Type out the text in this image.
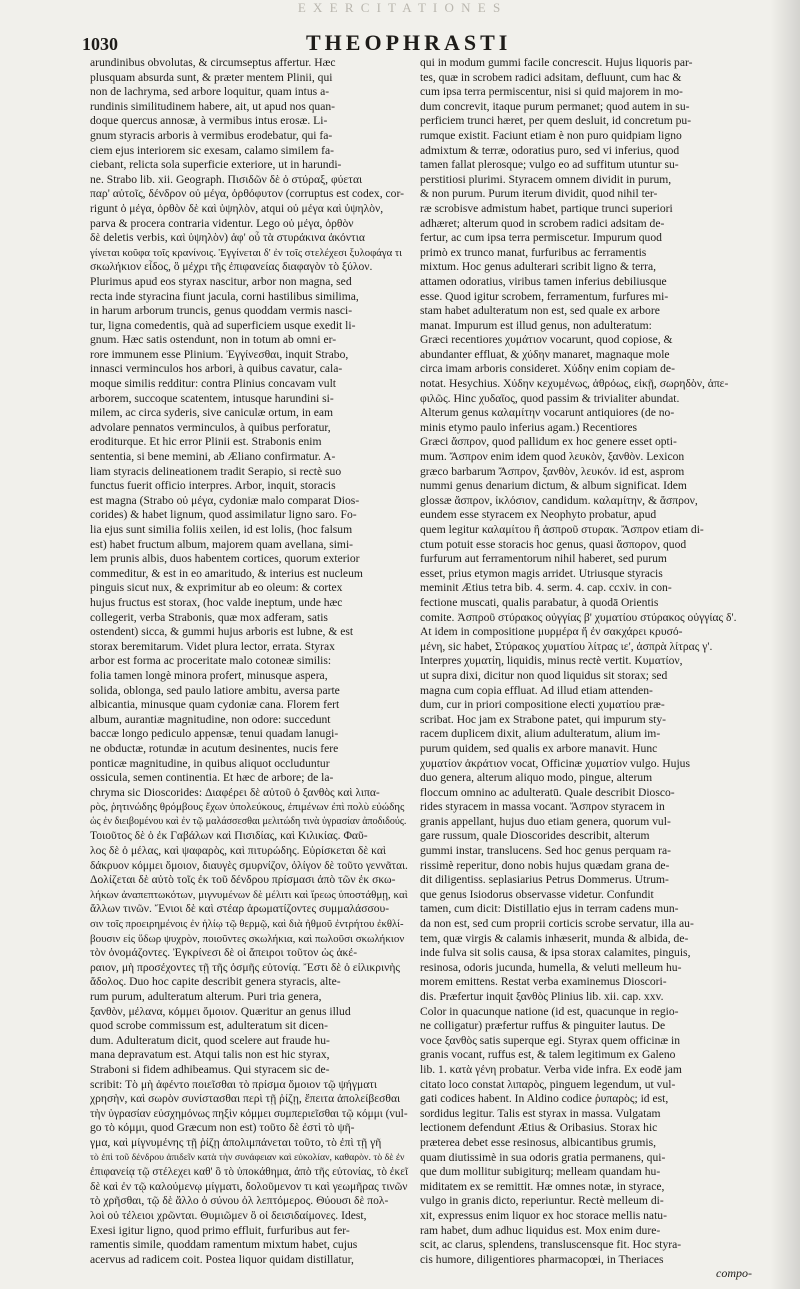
E X E R C I T A T I O N E S
1030	THEOPHRASTI
arundinibus obvolutas, & circumseptus affertur. Hæc
plusquam absurda sunt, & præter mentem Plinii, qui
non de lachryma, sed arbore loquitur, quam intus a-
rundinis similitudinem habere, ait, ut apud nos quan-
doque quercus annosæ, à vermibus intus erosæ. Li-
gnum styracis arboris à vermibus erodebatur, qui fa-
ciem ejus interiorem sic exesam, calamo similem fa-
ciebant, relicta sola superficie exteriore, ut in harundi-
ne. Strabo lib. xii. Geograph. Πισιδῶν δὲ ὁ στύραξ, φύεται
παρ' αὐτοῖς, δένδρον οὐ μέγα, ὀρθόφυτον (corruptus est codex, cor-
rigunt ὁ μέγα, ὀρθὸν δὲ καὶ ὑψηλὸν, atqui οὐ μέγα καὶ ὑψηλὸν,
parva & procera contraria videntur. Lego οὐ μέγα, ὀρθὸν
δὲ deletis verbis, καὶ ὑψηλὸν) ἀφ' οὗ τὰ στυράκινα ἀκόντια
γίνεται κοῦφα τοῖς κρανίνοις. Ἐγγίνεται δ' ἐν τοῖς στελέχεσι ξυλοφάγα τι
σκωλήκιον εἶδος, ὃ μέχρι τῆς ἐπιφανείας διαφαγὸν τὸ ξύλον.
Plurimus apud eos styrax nascitur, arbor non magna, sed
recta inde styracina fiunt jacula, corni hastilibus similima,
in harum arborum truncis, genus quoddam vermis nasci-
tur, ligna comedentis, quà ad superficiem usque exedit li-
gnum. Hæc satis ostendunt, non in totum ab omni er-
rore immunem esse Plinium. Ἐγγίνεσθαι, inquit Strabo,
innasci verminculos hos arbori, à quibus cavatur, cala-
moque similis redditur: contra Plinius concavam vult
arborem, succoque scatentem, intusque harundini si-
milem, ac circa syderis, sive caniculæ ortum, in eam
advolare pennatos verminculos, à quibus perforatur,
eroditurque. Et hic error Plinii est. Strabonis enim
sententia, si bene memini, ab Æliano confirmatur. A-
liam styracis delineationem tradit Serapio, si rectè suo
functus fuerit officio interpres. Arbor, inquit, storacis
est magna (Strabo οὐ μέγα, cydoniæ malo comparat Dios-
corides) & habet lignum, quod assimilatur ligno saro. Fo-
lia ejus sunt similia foliis xeilen, id est lolis, (hoc falsum
est) habet fructum album, majorem quam avellana, simi-
lem prunis albis, duos habentem cortices, quorum exterior
commeditur, & est in eo amaritudo, & interius est nucleum
pinguis sicut nux, & exprimitur ab eo oleum: & cortex
hujus fructus est storax, (hoc valde ineptum, unde hæc
collegerit, verba Strabonis, quæ mox adferam, satis
ostendent) sicca, & gummi hujus arboris est lubne, & est
storax beremitarum. Videt plura lector, errata. Styrax
arbor est forma ac proceritate malo cotoneæ similis:
folia tamen longè minora profert, minusque aspera,
solida, oblonga, sed paulo latiore ambitu, aversa parte
albicantia, minusque quam cydoniæ cana. Florem fert
album, aurantiæ magnitudine, non odore: succedunt
baccæ longo pediculo appensæ, tenui quadam lanugi-
ne obductæ, rotundæ in acutum desinentes, nucis fere
ponticæ magnitudine, in quibus aliquot occluduntur
ossicula, semen continentia. Et hæc de arbore; de la-
chryma sic Dioscorides: Διαφέρει δὲ αὐτοῦ ὁ ξανθὸς καὶ λιπα-
ρὸς, ῥητινώδης θρόμβους ἔχων ὑπολεύκους, ἐπιμένων ἐπὶ πολὺ εὐώδης
ὡς ἐν διειβομένου καὶ ἐν τῷ μαλάσσεσθαι μελιτώδη τινὰ ὑγρασίαν ἀποδιδούς.
Τοιοῦτος δὲ ὁ ἐκ Γαβάλων καὶ Πισιδίας, καὶ Κιλικίας. Φαῦ-
λος δὲ ὁ μέλας, καὶ ψαφαρὸς, καὶ πιτυρώδης. Εὑρίσκεται δὲ καὶ
δάκρυον κόμμει ὅμοιον, διαυγὲς σμυρνίζον, ὀλίγον δὲ τοῦτο γεννᾶται.
Δολίζεται δὲ αὐτὸ τοῖς ἐκ τοῦ δένδρου πρίσμασι ἀπὸ τῶν ἐκ σκω-
λήκων ἀναπεπτωκότων, μιγνυμένων δὲ μέλιτι καὶ ἴρεως ὑποστάθμῃ, καὶ
ἄλλων τινῶν. Ἔνιοι δὲ καὶ στέαρ ἀρωματίζοντες συμμαλάσσου-
σιν τοῖς προειρημένοις ἐν ἡλίῳ τῷ θερμῷ, καὶ διὰ ἠθμοῦ ἐντρήτου ἐκθλί-
βουσιν εἰς ὕδωρ ψυχρὸν, ποιοῦντες σκωλήκια, καὶ πωλοῦσι σκωλήκιον
τὸν ὀνομάζοντες. Ἐγκρίνεσι δὲ οἱ ἄπειροι τοῦτον ὡς ἀκέ-
ραιον, μὴ προσέχοντες τῇ τῆς ὀσμῆς εὐτονίᾳ. Ἔστι δὲ ὁ εἰλικρινὴς
ἄδολος. Duo hoc capite describit genera styracis, alte-
rum purum, adulteratum alterum. Puri tria genera,
ξανθὸν, μέλανα, κόμμει ὅμοιον. Quæritur an genus illud
quod scrobe commissum est, adulteratum sit dicen-
dum. Adulteratum dicit, quod scelere aut fraude hu-
mana depravatum est. Atqui talis non est hic styrax,
Straboni si fidem adhibeamus. Qui styracem sic de-
scribit: Τὸ μὴ ἀφέντο ποιεῖσθαι τὸ πρίσμα ὅμοιον τῷ ψήγματι
χρησὴν, καὶ σωρὸν συνίστασθαι περὶ τῇ ῥίζῃ, ἔπειτα ἀπολείβεσθαι
τὴν ὑγρασίαν εὐσχημόνως πηξὶν κόμμει συμπεριεῖσθαι τῷ κόμμι (vul-
go τὸ κόμμι, quod Græcum non est) τοῦτο δὲ ἐστὶ τὸ ψῆ-
γμα, καὶ μίγνυμένης τῇ ῥίζῃ ἀπολιμπάνεται τοῦτο, τὸ ἐπὶ τῇ γῆ
τὸ ἐπὶ τοῦ δένδρου ἀπιδεῖν κατὰ τὴν συνάφειαν καὶ εὐκολίαν, καθαρὸν. τὸ δὲ ἐν
ἐπιφανείᾳ τῷ στέλεχει καθ' ὃ τὸ ὑποκάθημα, ἀπὸ τῆς εὐτονίας, τὸ ἐκεῖ
δὲ καὶ ἐν τῷ καλούμενῳ μίγματι, δολοῦμενον τι καὶ γεωμῆρας τινῶν
τὸ χρῆσθαι, τῷ δὲ ἄλλο ὁ σύνου ὁλ λεπτόμερος. Θύουσι δὲ πολ-
λοὶ οὐ τέλειοι χρῶνται. Θυμιῶμεν ὃ οἱ δεισιδαίμονες. Idest,
Exesi igitur ligno, quod primo effluit, furfuribus aut fer-
ramentis simile, quoddam ramentum mixtum habet, cujus
acervus ad radicem coit. Postea liquor quidam distillatur,
qui in modum gummi facile concrescit. Hujus liquoris par-
tes, quæ in scrobem radici adsitam, defluunt, cum hac &
cum ipsa terra permiscentur, nisi si quid majorem in mo-
dum concrevit, itaque purum permanet; quod autem in su-
perficiem trunci hæret, per quem desluit, id concretum pu-
rumque existit. Faciunt etiam è non puro quidpiam ligno
admixtum & terræ, odoratius puro, sed vi inferius, quod
tamen fallat plerosque; vulgo eo ad suffitum utuntur su-
perstitiosi plurimi. Styracem omnem dividit in purum,
& non purum. Purum iterum dividit, quod nihil ter-
ræ scrobisve admistum habet, partique trunci superiori
adhæret; alterum quod in scrobem radici adsitam de-
fertur, ac cum ipsa terra permiscetur. Impurum quod
primò ex trunco manat, furfuribus ac ferramentis
mixtum. Hoc genus adulterari scribit ligno & terra,
attamen odoratius, viribus tamen inferius debiliusque
esse. Quod igitur scrobem, ferramentum, furfures mi-
stam habet adulteratum non est, sed quale ex arbore
manat. Impurum est illud genus, non adulteratum:
Græci recentiores χυμάτιον vocarunt, quod copiose, &
abundanter effluat, & χύδην manaret, magnaque mole
circa imam arboris consideret. Χύδην enim copiam de-
notat. Hesychius. Χύδην κεχυμένως, ἀθρόως, εἰκῇ, σωρηδὸν, ἀπε-
φιλῶς. Hinc χυδαῖος, quod passim & trivialiter abundat.
Alterum genus καλαμίτην vocarunt antiquiores (de no-
minis etymo paulo inferius agam.) Recentiores
Græci ἄσπρον, quod pallidum ex hoc genere esset opti-
mum. Ἄσπρον enim idem quod λευκὸν, ξανθὸν. Lexicon
græco barbarum Ἄσπρον, ξανθὸν, λευκόν. id est, asprom
nummi genus denarium dictum, & album significat. Idem
glossæ ἄσπρον, ἰκλόσιον, candidum. καλαμίτην, & ἄσπρον,
eundem esse styracem ex Neophyto probatur, apud
quem legitur καλαμίτου ἢ ἀσπροῦ στυρακ. Ἄσπρον etiam di-
ctum potuit esse storacis hoc genus, quasi ἄσπορον, quod
furfurum aut ferramentorum nihil haberet, sed purum
esset, prius etymon magis arridet. Utriusque styracis
meminit Ætius tetra bib. 4. serm. 4. cap. ccxiv. in con-
fectione muscati, qualis parabatur, à quodā Orientis
comite. Ἀσπροῦ στύρακος οὐγγίας β' χυματίου στύρακος οὐγγίας δ'.
At idem in compositione μυρμέρα ἥ ἐν σακχάρει κρυσό-
μένη, sic habet, Στύρακος χυματίου λίτρας ιε', ἀσπρὰ λίτρας γ'.
Interpres χυματίη, liquidis, minus rectè vertit. Κυματίον,
ut supra dixi, dicitur non quod liquidus sit storax; sed
magna cum copia effluat. Ad illud etiam attenden-
dum, cur in priori compositione electi χυματίου præ-
scribat. Hoc jam ex Strabone patet, qui impurum sty-
racem duplicem dixit, alium adulteratum, alium im-
purum quidem, sed qualis ex arbore manavit. Hunc
χυματίον ἀκράτιον vocat, Officinæ χυματίον vulgo. Hujus
duo genera, alterum aliquo modo, pingue, alterum
floccum omnino ac adulteratū. Quale describit Diosco-
rides styracem in massa vocant. Ἄσπρον styracem in
granis appellant, hujus duo etiam genera, quorum vul-
gare russum, quale Dioscorides describit, alterum
gummi instar, translucens. Sed hoc genus perquam ra-
rissimè reperitur, dono nobis hujus quædam grana de-
dit diligentiss. seplasiarius Petrus Dommerus. Utrum-
que genus Isiodorus observasse videtur. Confundit
tamen, cum dicit: Distillatio ejus in terram cadens mun-
da non est, sed cum proprii corticis scrobe servatur, illa au-
tem, quæ virgis & calamis inhæserit, munda & albida, de-
inde fulva sit solis causa, & ipsa storax calamites, pinguis,
resinosa, odoris jucunda, humella, & veluti melleum hu-
morem emittens. Restat verba examinemus Dioscori-
dis. Præfertur inquit ξανθὸς Plinius lib. xii. cap. xxv.
Color in quacunque natione (id est, quacunque in regio-
ne colligatur) præfertur ruffus & pinguiter lautus. De
voce ξανθὸς satis superque egi. Styrax quem officinæ in
granis vocant, ruffus est, & talem legitimum ex Galeno
lib. 1. κατὰ γένη probatur. Verba vide infra. Ex eodē jam
citato loco constat λιπαρὸς, pinguem legendum, ut vul-
gati codices habent. In Aldino codice ῥυπαρὸς; id est,
sordidus legitur. Talis est styrax in massa. Vulgatam
lectionem defendunt Ætius & Oribasius. Storax hic
præterea debet esse resinosus, albicantibus grumis,
quam diutissimè in sua odoris gratia permanens, qui-
que dum mollitur subigiturq; melleam quandam hu-
miditatem ex se remittit. Hæ omnes notæ, in styrace,
vulgo in granis dicto, reperiuntur. Rectè melleum di-
xit, expressus enim liquor ex hoc storace mellis natu-
ram habet, dum adhuc liquidus est. Mox enim dure-
scit, ac clarus, splendens, transluscensque fit. Hoc styra-
cis humore, diligentiores pharmacopœi, in Theriaces
compo-
